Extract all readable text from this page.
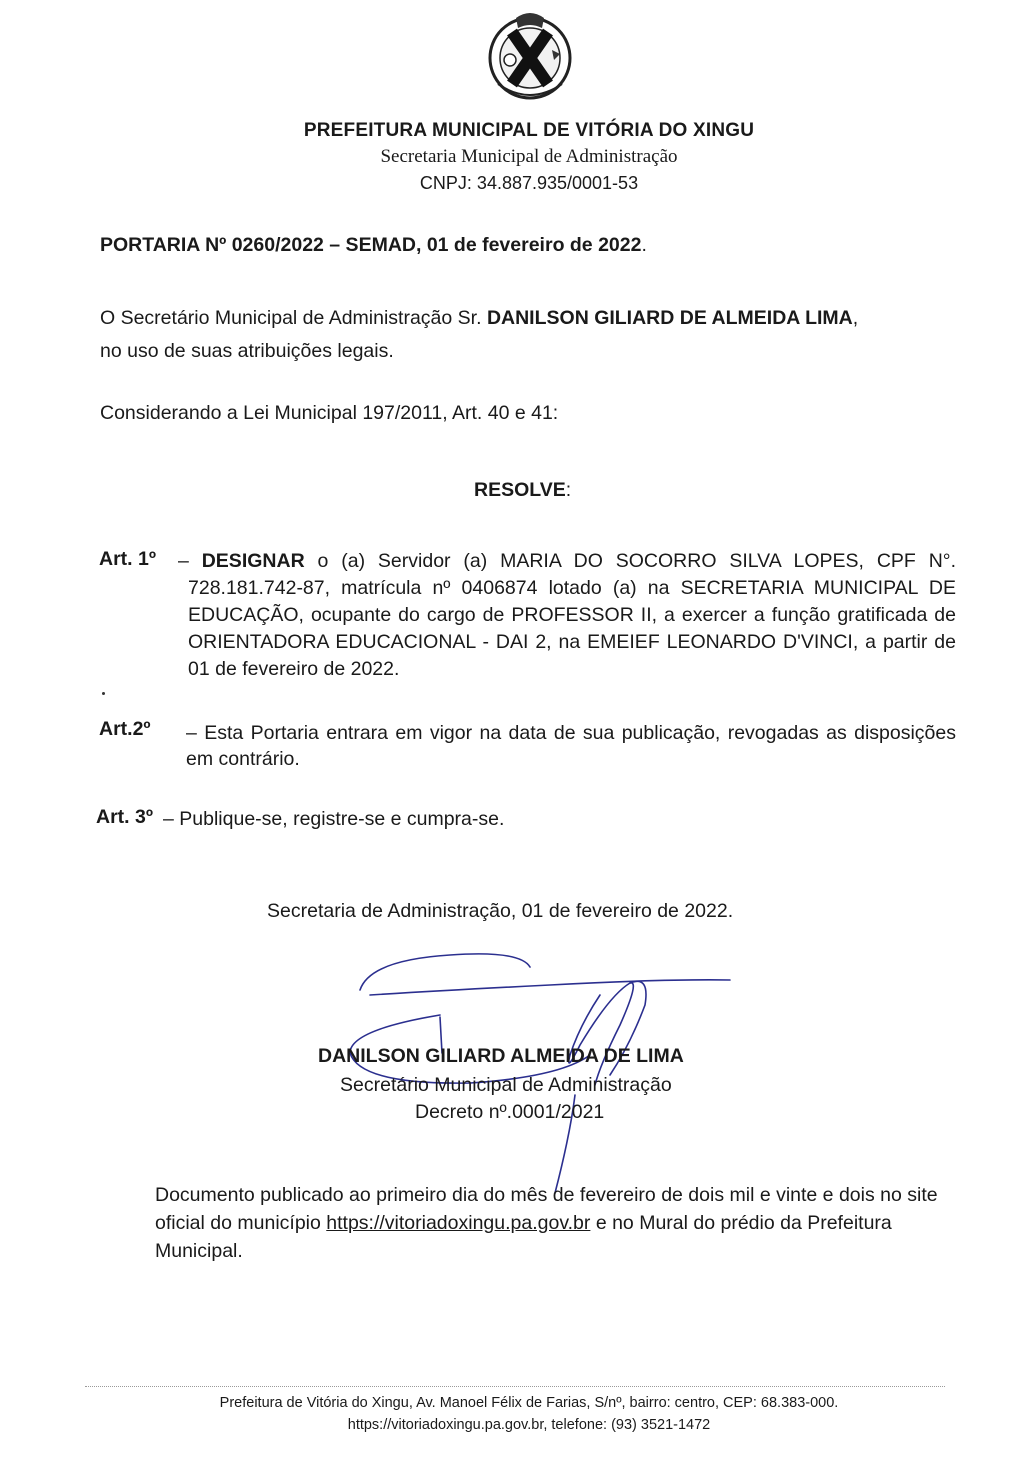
PREFEITURA MUNICIPAL DE VITÓRIA DO XINGU
Secretaria Municipal de Administração
CNPJ: 34.887.935/0001-53
PORTARIA Nº 0260/2022 – SEMAD, 01 de fevereiro de 2022.
O Secretário Municipal de Administração Sr. DANILSON GILIARD DE ALMEIDA LIMA,
no uso de suas atribuições legais.
Considerando a Lei Municipal 197/2011, Art. 40 e 41:
RESOLVE:
Art. 1º – DESIGNAR o (a) Servidor (a) MARIA DO SOCORRO SILVA LOPES, CPF N°. 728.181.742-87, matrícula nº 0406874 lotado (a) na SECRETARIA MUNICIPAL DE EDUCAÇÃO, ocupante do cargo de PROFESSOR II, a exercer a função gratificada de ORIENTADORA EDUCACIONAL - DAI 2, na EMEIEF LEONARDO D'VINCI, a partir de 01 de fevereiro de 2022.
Art.2º – Esta Portaria entrara em vigor na data de sua publicação, revogadas as disposições em contrário.
Art. 3º – Publique-se, registre-se e cumpra-se.
Secretaria de Administração, 01 de fevereiro de 2022.
DANILSON GILIARD ALMEIDA DE LIMA
Secretário Municipal de Administração
Decreto nº.0001/2021
Documento publicado ao primeiro dia do mês de fevereiro de dois mil e vinte e dois no site oficial do município https://vitoriadoxingu.pa.gov.br e no Mural do prédio da Prefeitura Municipal.
Prefeitura de Vitória do Xingu, Av. Manoel Félix de Farias, S/nº, bairro: centro, CEP: 68.383-000.
https://vitoriadoxingu.pa.gov.br, telefone: (93) 3521-1472
